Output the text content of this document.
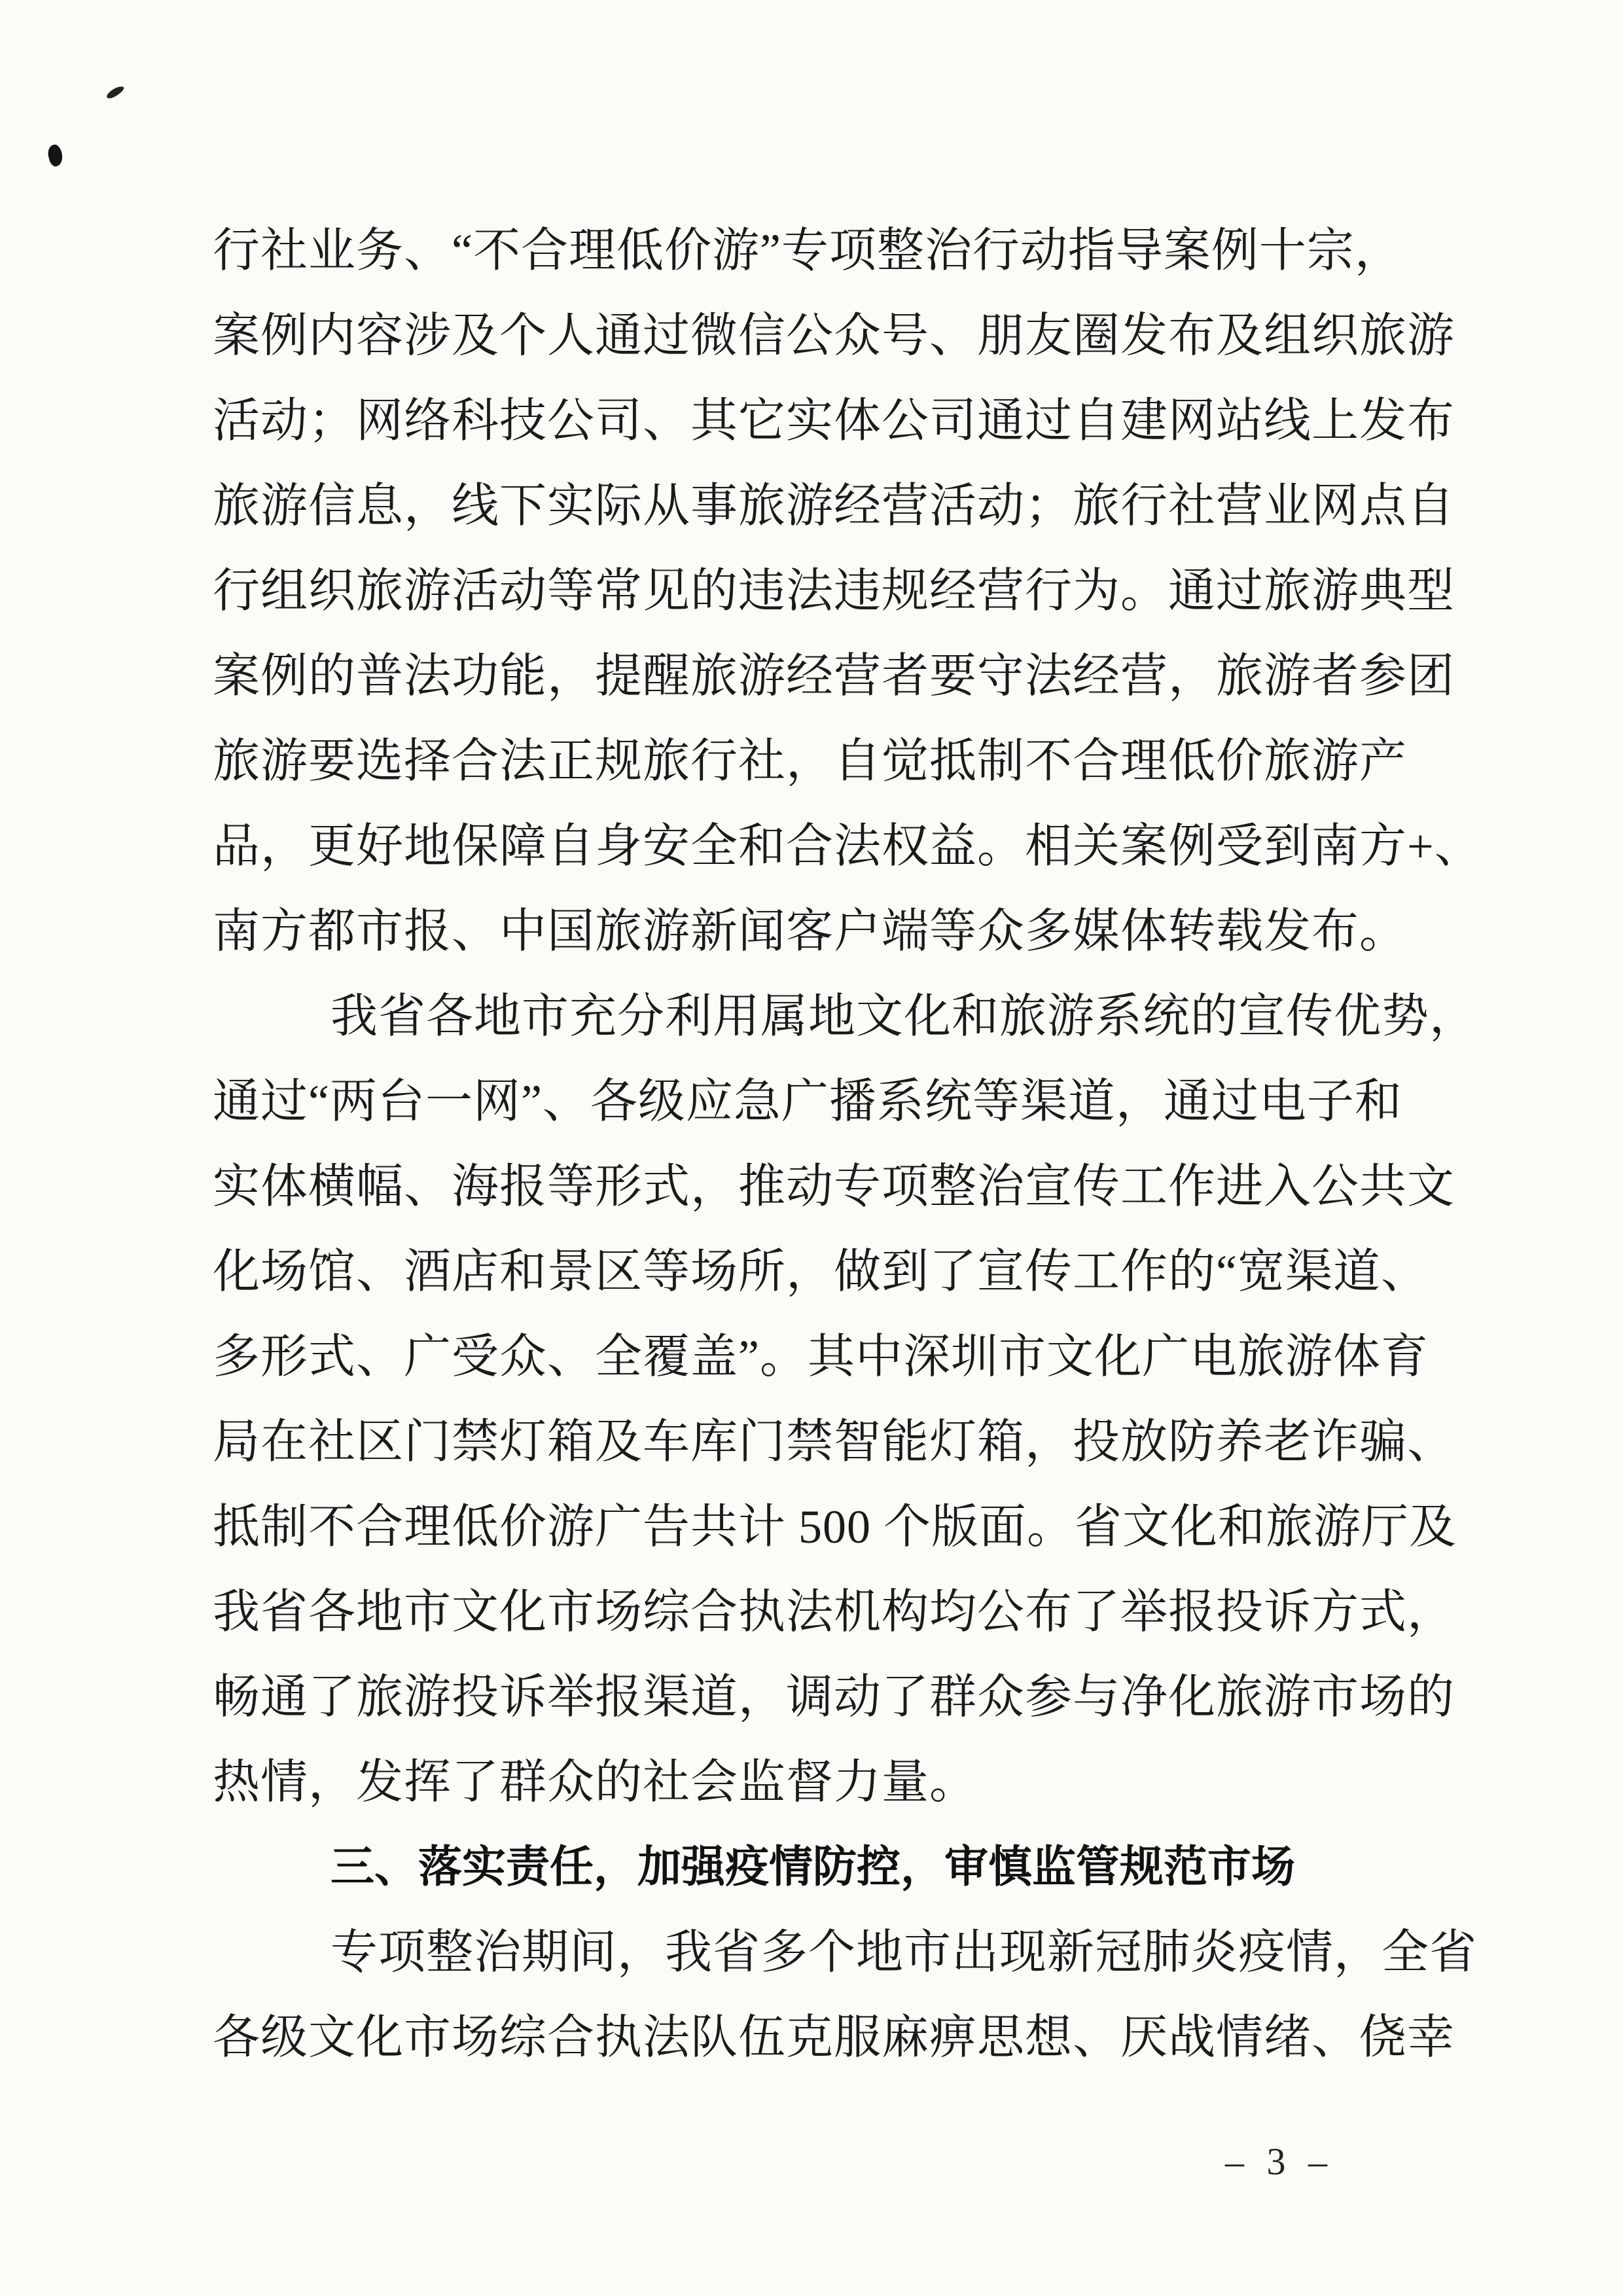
行社业务、“不合理低价游”专项整治行动指导案例十宗，
案例内容涉及个人通过微信公众号、朋友圈发布及组织旅游
活动；网络科技公司、其它实体公司通过自建网站线上发布
旅游信息，线下实际从事旅游经营活动；旅行社营业网点自
行组织旅游活动等常见的违法违规经营行为。通过旅游典型
案例的普法功能，提醒旅游经营者要守法经营，旅游者参团
旅游要选择合法正规旅行社，自觉抵制不合理低价旅游产
品，更好地保障自身安全和合法权益。相关案例受到南方+、
南方都市报、中国旅游新闻客户端等众多媒体转载发布。
我省各地市充分利用属地文化和旅游系统的宣传优势，
通过“两台一网”、各级应急广播系统等渠道，通过电子和
实体横幅、海报等形式，推动专项整治宣传工作进入公共文
化场馆、酒店和景区等场所，做到了宣传工作的“宽渠道、
多形式、广受众、全覆盖”。其中深圳市文化广电旅游体育
局在社区门禁灯箱及车库门禁智能灯箱，投放防养老诈骗、
抵制不合理低价游广告共计 500 个版面。省文化和旅游厅及
我省各地市文化市场综合执法机构均公布了举报投诉方式，
畅通了旅游投诉举报渠道，调动了群众参与净化旅游市场的
热情，发挥了群众的社会监督力量。
三、落实责任，加强疫情防控，审慎监管规范市场
专项整治期间，我省多个地市出现新冠肺炎疫情，全省
各级文化市场综合执法队伍克服麻痹思想、厌战情绪、侥幸
– 3 –
